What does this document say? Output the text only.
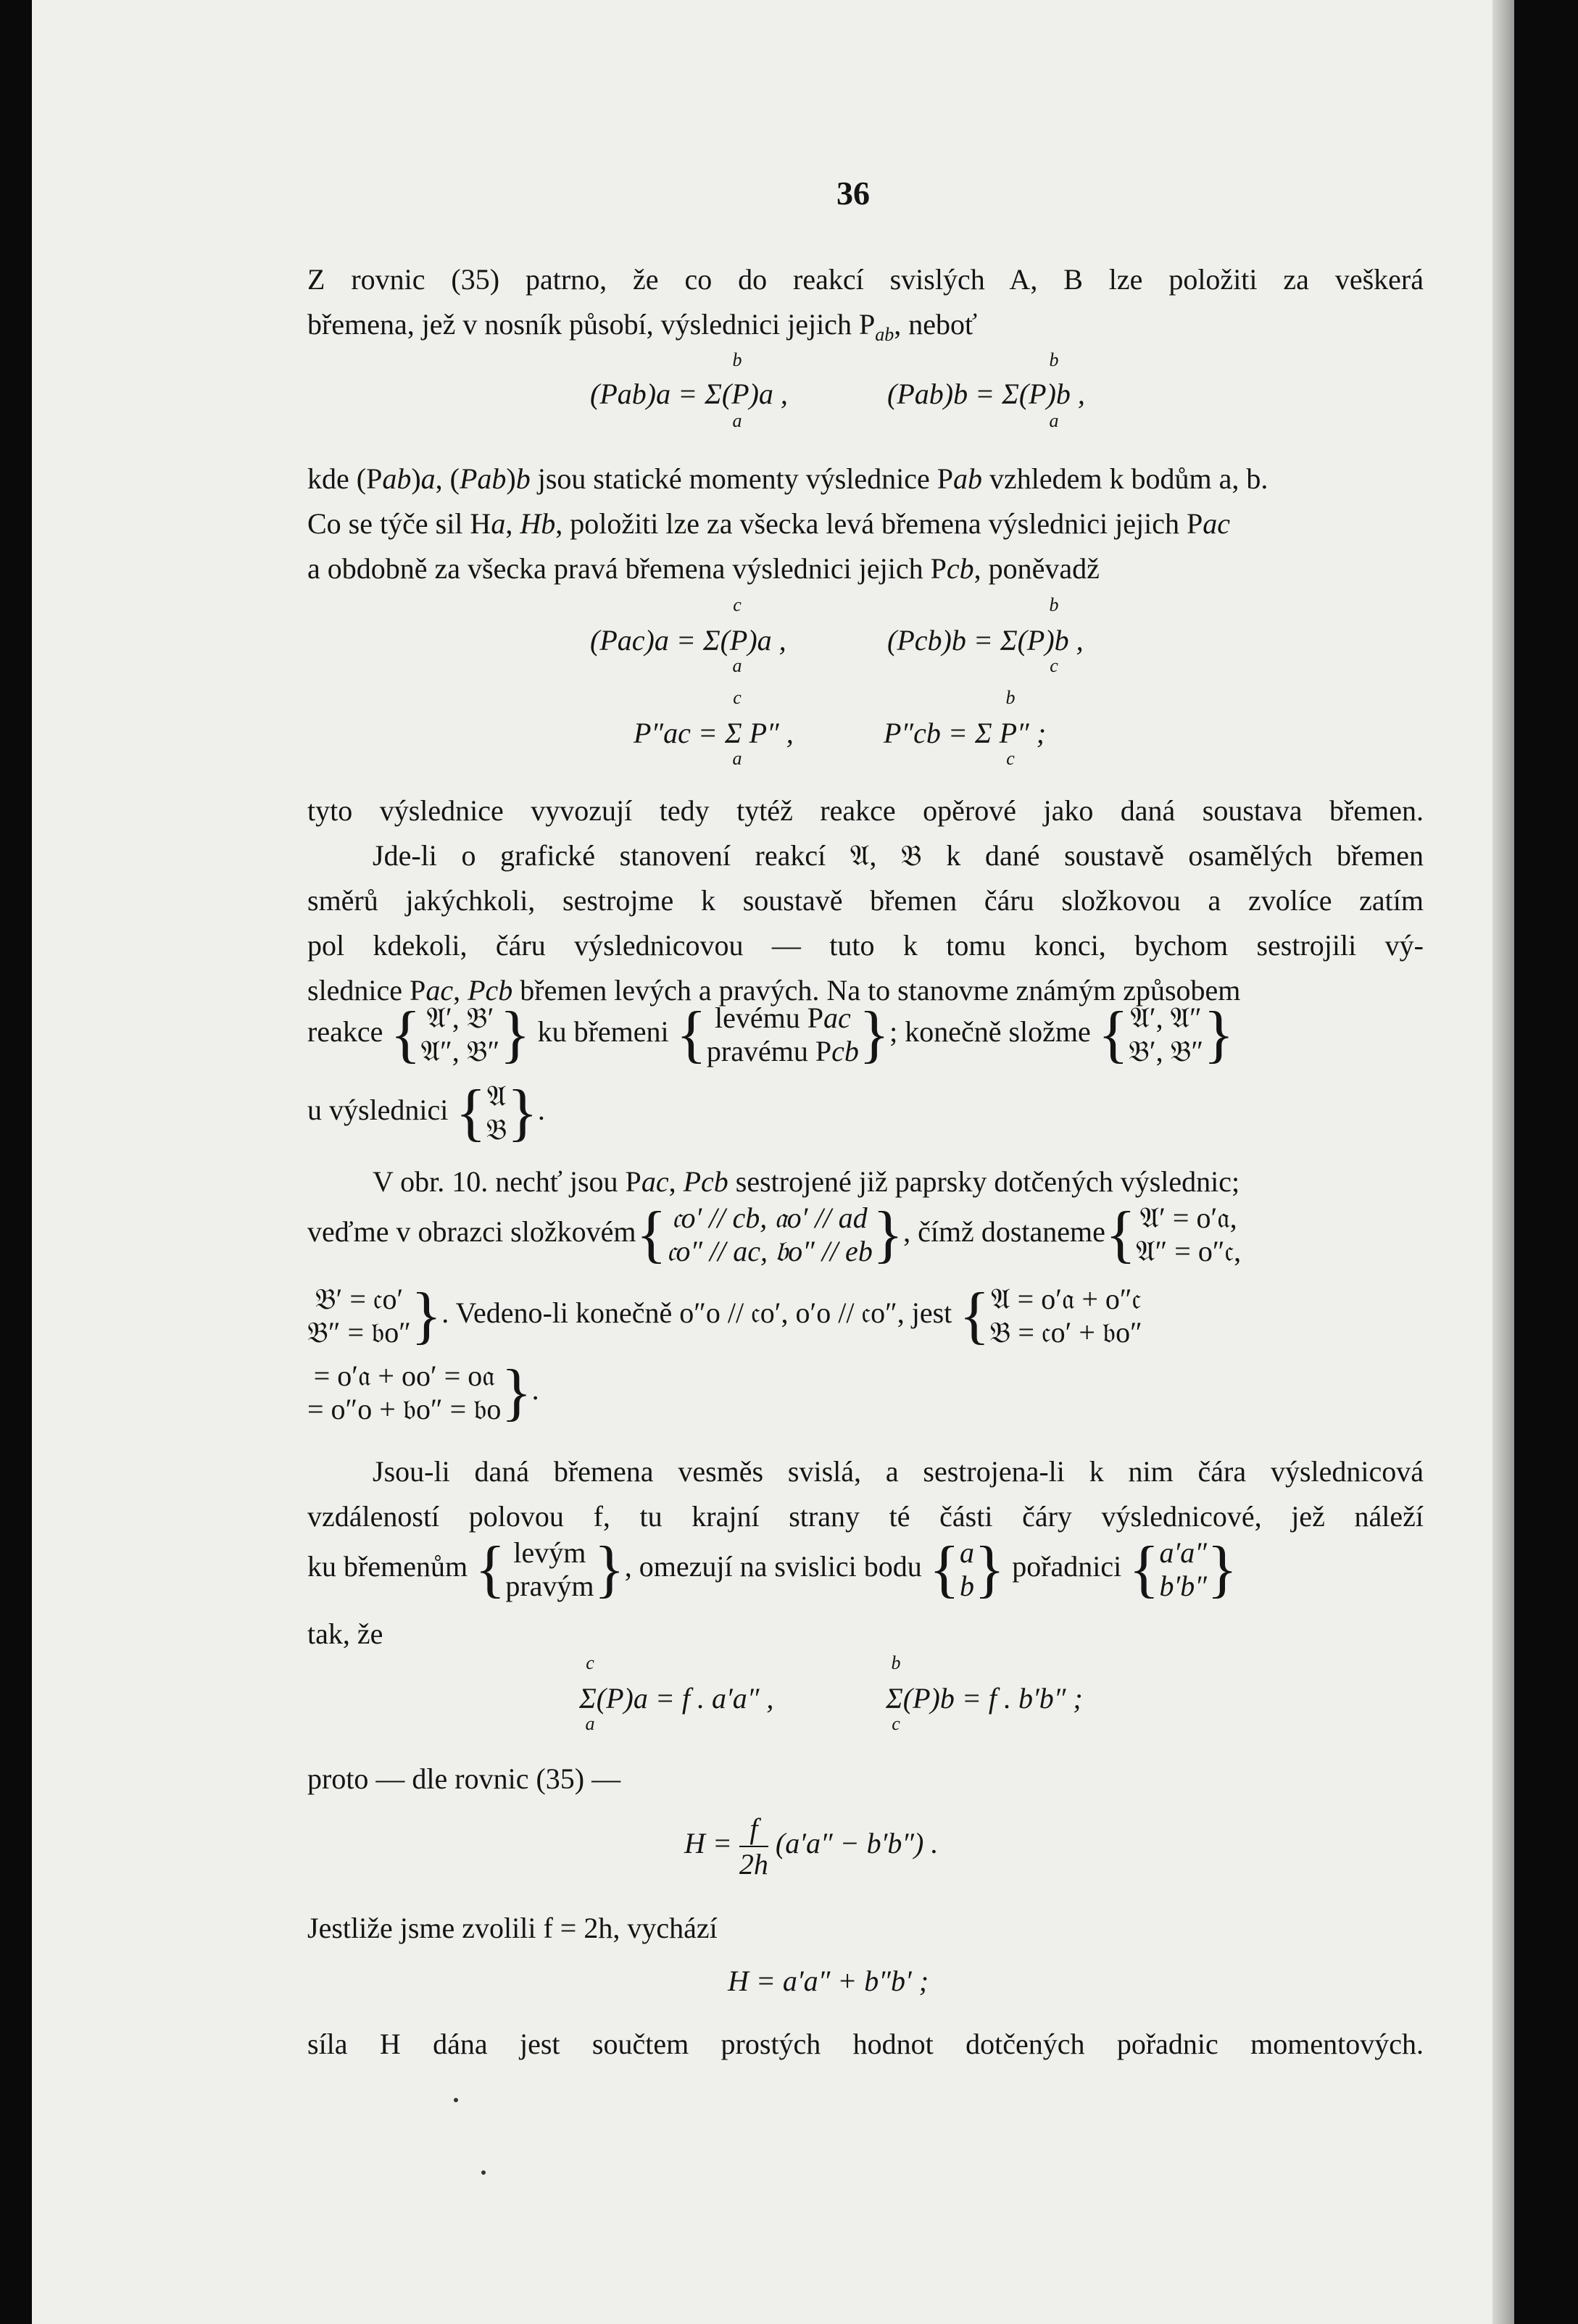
36
Z rovnic (35) patrno, že co do reakcí svislých A, B lze položiti za veškerá
břemena, jež v nosník působí, výslednici jejich $P_{ab}$, neboť
(Pab)a = Σ(P)a ,	(Pab)b = Σ(P)b ,
b
a
b
a
kde (Pab)a, (Pab)b jsou statické momenty výslednice Pab vzhledem k bodům a, b.
Co se týče sil Ha, Hb, položiti lze za všecka levá břemena výslednici jejich Pac
a obdobně za všecka pravá břemena výslednici jejich Pcb, poněvadž
(Pac)a = Σ(P)a ,	(Pcb)b = Σ(P)b ,
c
a
b
c
P″ac = Σ P″ ,	P″cb = Σ P″ ;
c
a
b
c
tyto výslednice vyvozují tedy tytéž reakce opěrové jako daná soustava břemen.
Jde-li o grafické stanovení reakcí 𝔄, 𝔅 k dané soustavě osamělých břemen
směrů jakýchkoli, sestrojme k soustavě břemen čáru složkovou a zvolíce zatím
pol kdekoli, čáru výslednicovou — tuto k tomu konci, bychom sestrojili vý-
slednice Pac, Pcb břemen levých a pravých. Na to stanovme známým způsobem
reakce { 𝔄′, 𝔅′
𝔄″, 𝔅″ } ku břemeni { levému Pac
pravému Pcb }; konečně složme { 𝔄′, 𝔄″
𝔅′, 𝔅″ }
u výslednici { 𝔄
𝔅 }.
V obr. 10. nechť jsou Pac, Pcb sestrojené již paprsky dotčených výslednic;
veďme v obrazci složkovém{ 𝔠o′ // cb, 𝔞o′ // ad
𝔠o″ // ac, 𝔟o″ // eb }, čímž dostaneme{ 𝔄′ = o′𝔞,
𝔄″ = o″𝔠,
𝔅′ = 𝔠o′
𝔅″ = 𝔟o″ }. Vedeno-li konečně o″o // 𝔠o′, o′o // 𝔠o″, jest { 𝔄 = o′𝔞 + o″𝔠
𝔅 = 𝔠o′ + 𝔟o″
= o′𝔞 + oo′ = o𝔞
= o″o + 𝔟o″ = 𝔟o }.
Jsou-li daná břemena vesměs svislá, a sestrojena-li k nim čára výslednicová
vzdáleností polovou f, tu krajní strany té části čáry výslednicové, jež náleží
ku břemenům { levým
pravým }, omezují na svislici bodu { a
b } pořadnici { a′a″
b′b″ }
tak, že
Σ(P)a = f . a′a″ ,	Σ(P)b = f . b′b″ ;
c
a
b
c
proto — dle rovnic (35) —
$H = \frac{f}{2h} (a'a'' - b'b'')$ .
Jestliže jsme zvolili f = 2h, vychází
H = a′a″ + b″b′ ;
síla H dána jest součtem prostých hodnot dotčených pořadnic momentových.
